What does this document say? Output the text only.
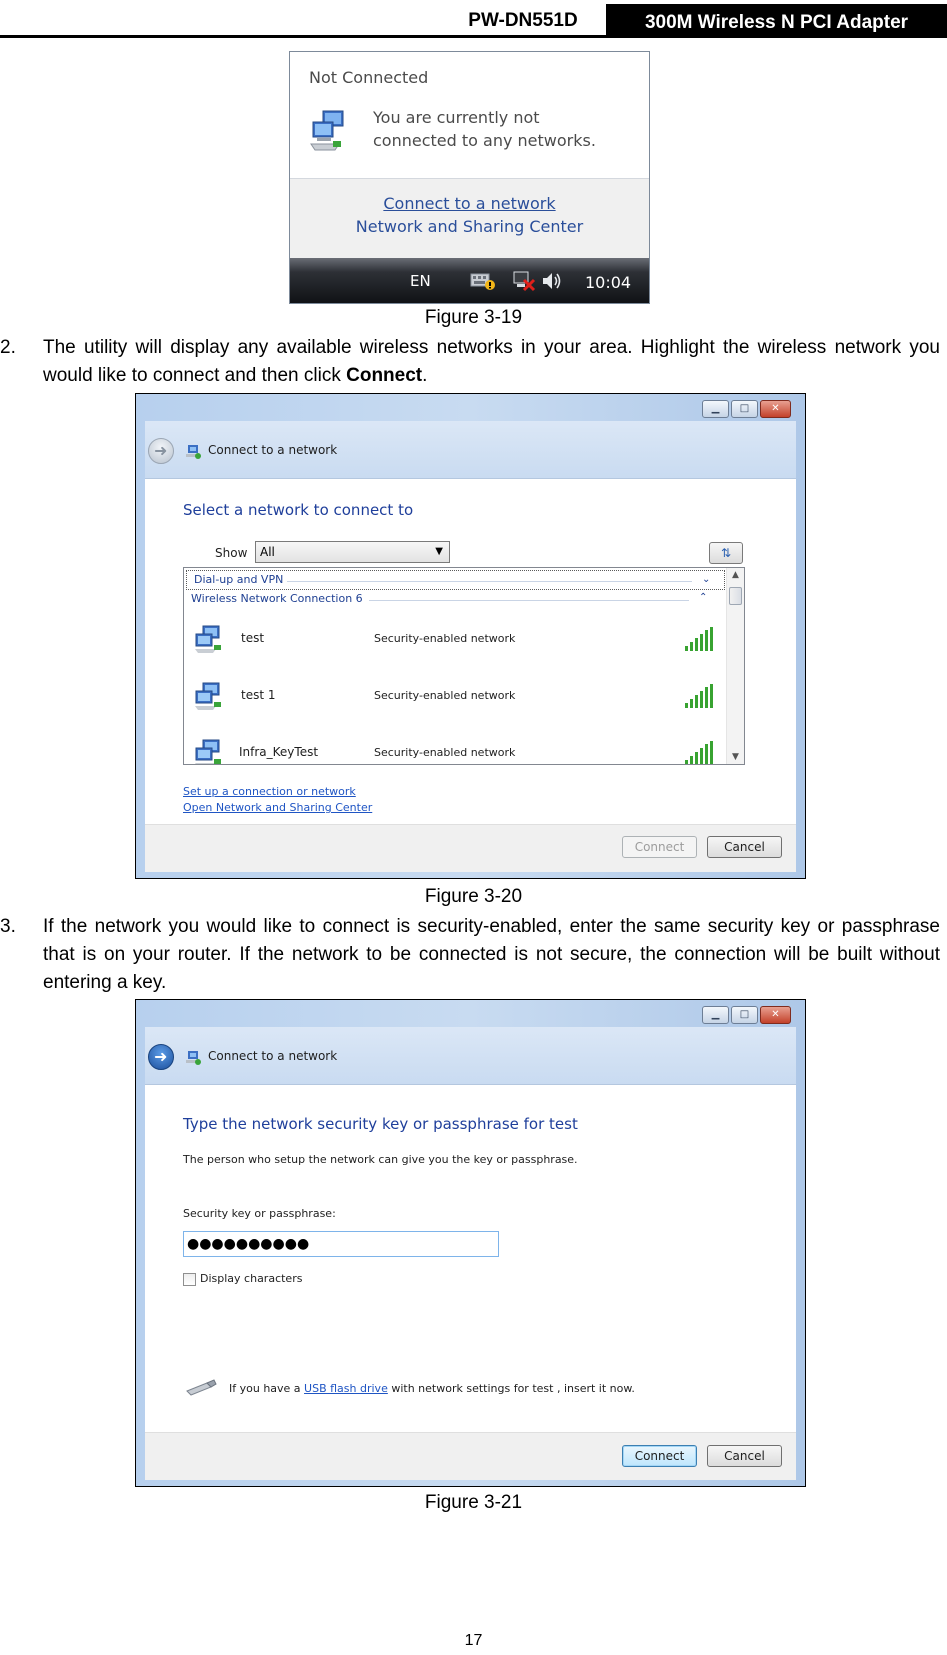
PW-DN551D	300M Wireless N PCI Adapter
Not Connected
You are currently not
connected to any networks.
Connect to a network
Network and Sharing Center
EN	10:04
Figure 3-19
2. The utility will display any available wireless networks in your area. Highlight the wireless network you would like to connect and then click Connect.
▁	□	✕
➜	Connect to a network
Select a network to connect to
Show	All	▼	⇅
Dial-up and VPN	⌄
Wireless Network Connection 6	⌃
test	Security-enabled network
test 1	Security-enabled network
Infra_KeyTest	Security-enabled network
▲
▼
Set up a connection or network
Open Network and Sharing Center
Connect	Cancel
Figure 3-20
3. If the network you would like to connect is security-enabled, enter the same security key or passphrase that is on your router. If the network to be connected is not secure, the connection will be built without entering a key.
▁	□	✕
➜	Connect to a network
Type the network security key or passphrase for test
The person who setup the network can give you the key or passphrase.
Security key or passphrase:
●●●●●●●●●●
Display characters
If you have a USB flash drive with network settings for test , insert it now.
Connect	Cancel
Figure 3-21
17
